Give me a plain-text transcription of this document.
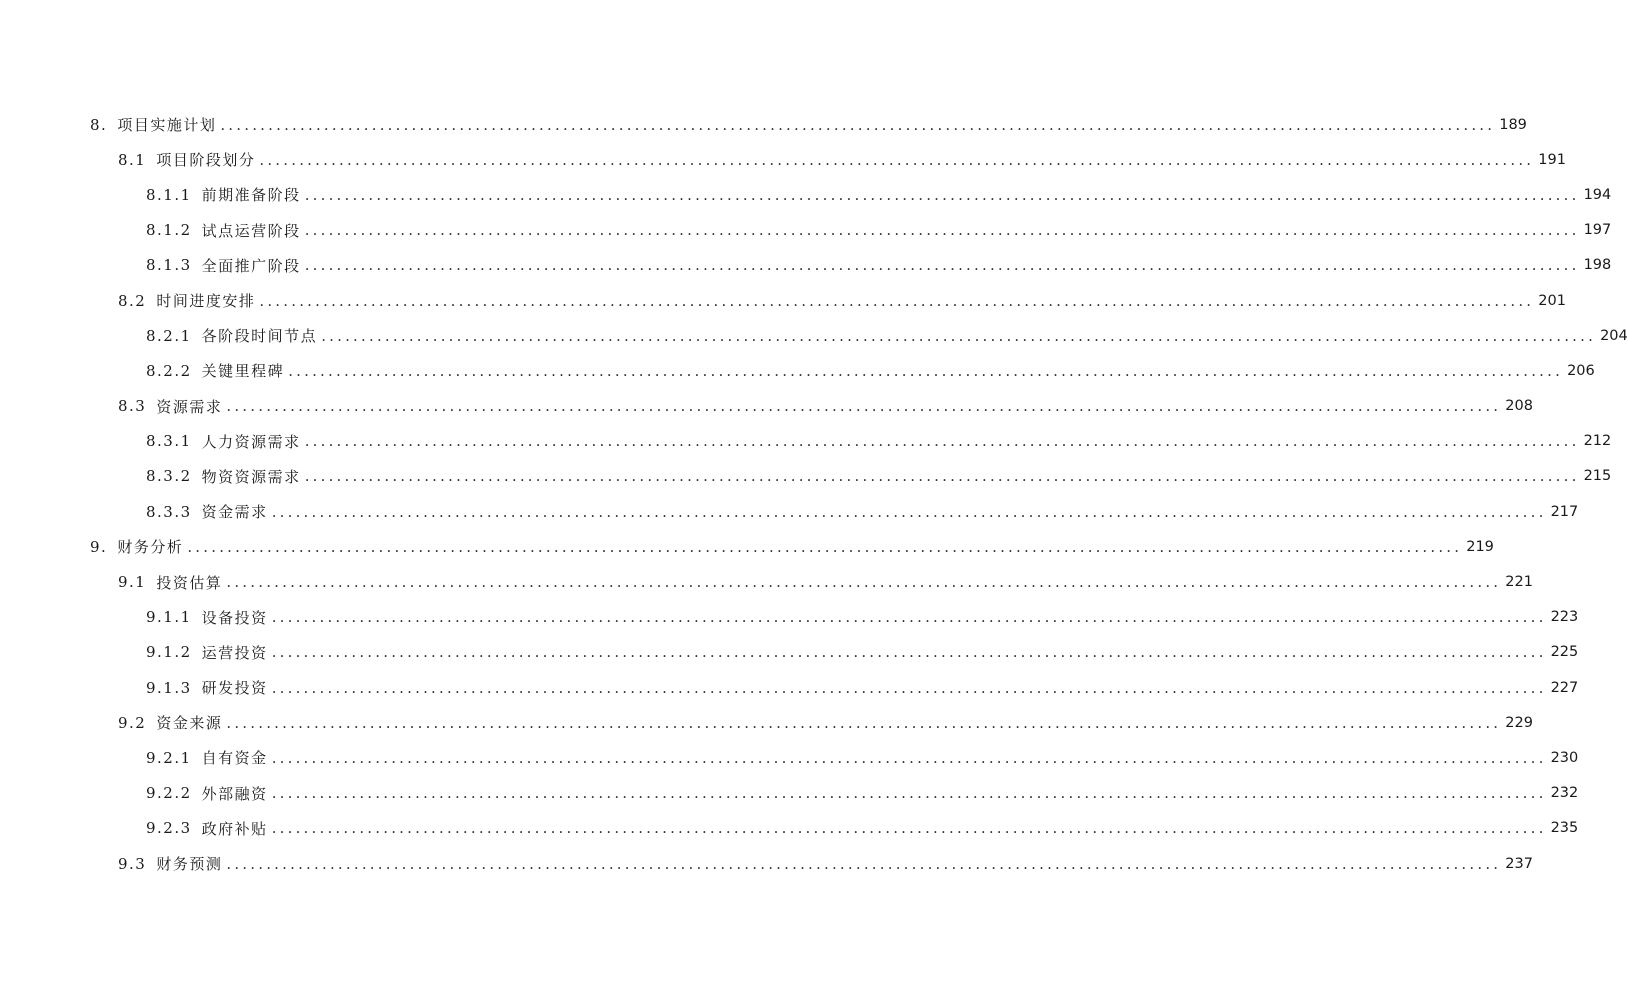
8. 项目实施计划 ................................................................................................................................................................ 189
8.1 项目阶段划分 ................................................................................................................................................................ 191
8.1.1 前期准备阶段 ................................................................................................................................................................ 194
8.1.2 试点运营阶段 ................................................................................................................................................................ 197
8.1.3 全面推广阶段 ................................................................................................................................................................ 198
8.2 时间进度安排 ................................................................................................................................................................ 201
8.2.1 各阶段时间节点 ................................................................................................................................................................ 204
8.2.2 关键里程碑 ................................................................................................................................................................ 206
8.3 资源需求 ................................................................................................................................................................ 208
8.3.1 人力资源需求 ................................................................................................................................................................ 212
8.3.2 物资资源需求 ................................................................................................................................................................ 215
8.3.3 资金需求 ................................................................................................................................................................ 217
9. 财务分析 ................................................................................................................................................................ 219
9.1 投资估算 ................................................................................................................................................................ 221
9.1.1 设备投资 ................................................................................................................................................................ 223
9.1.2 运营投资 ................................................................................................................................................................ 225
9.1.3 研发投资 ................................................................................................................................................................ 227
9.2 资金来源 ................................................................................................................................................................ 229
9.2.1 自有资金 ................................................................................................................................................................ 230
9.2.2 外部融资 ................................................................................................................................................................ 232
9.2.3 政府补贴 ................................................................................................................................................................ 235
9.3 财务预测 ................................................................................................................................................................ 237
